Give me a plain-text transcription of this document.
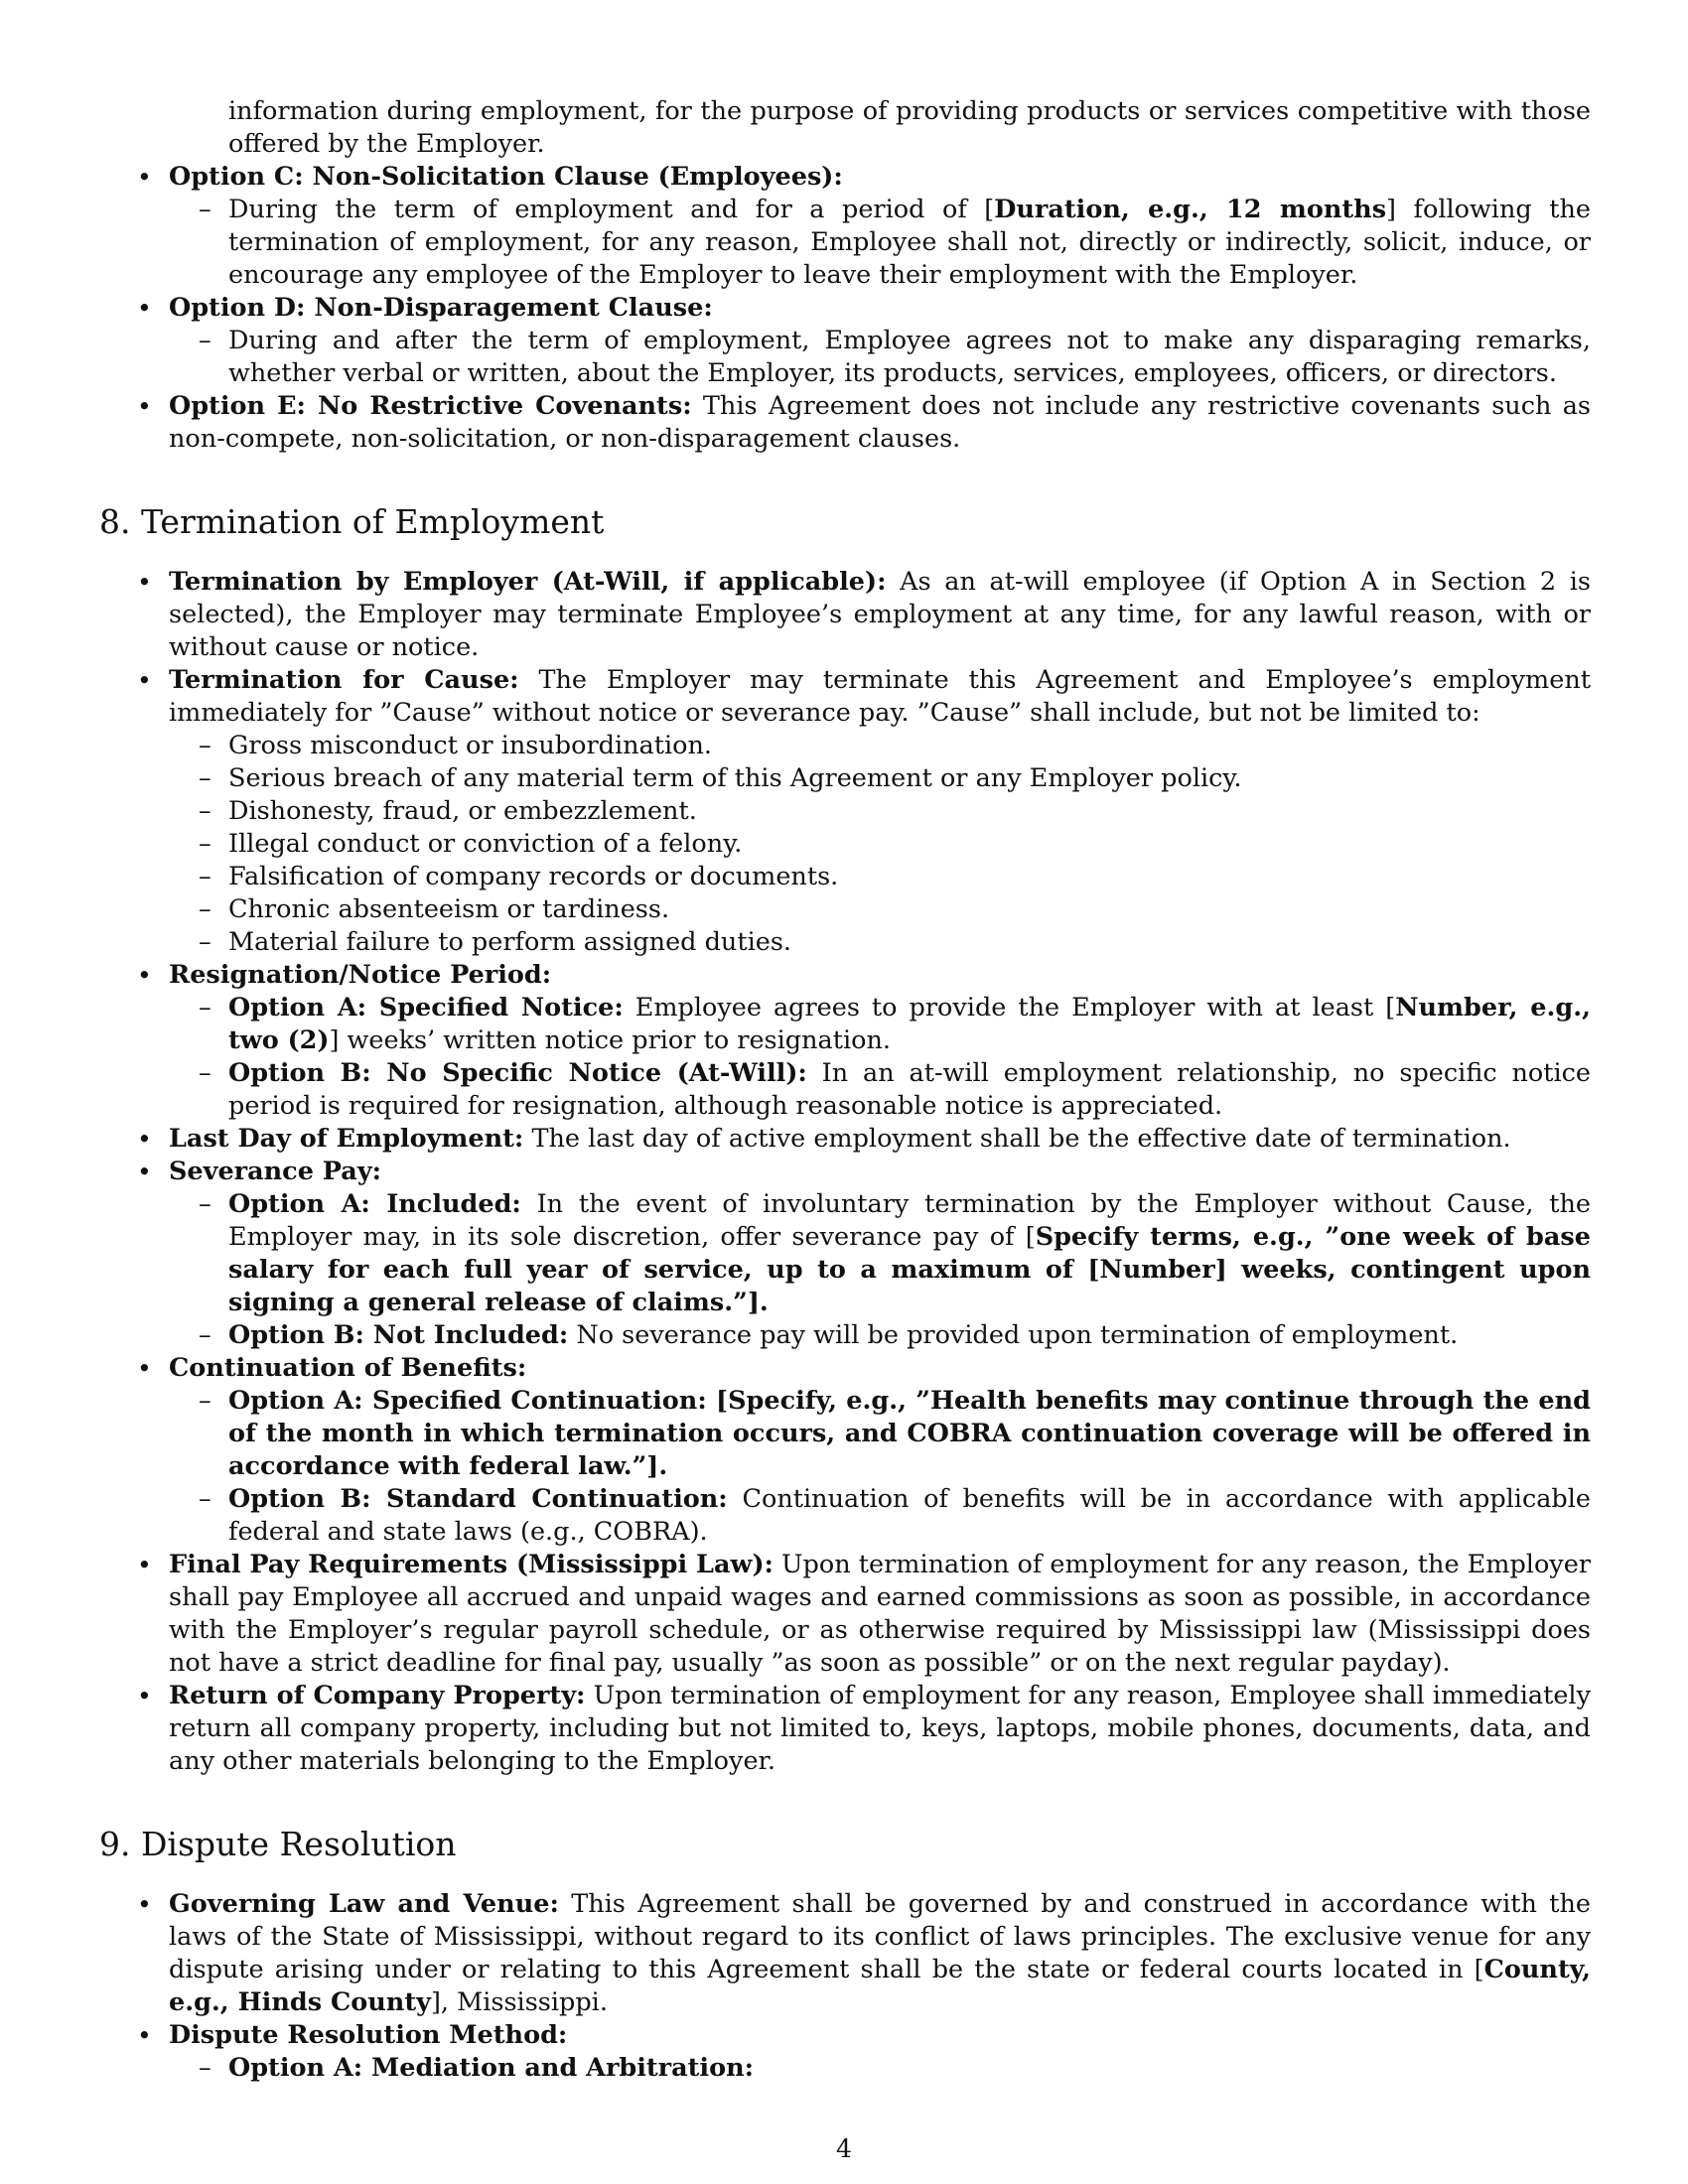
information during employment, for the purpose of providing products or services competitive with those offered by the Employer.
• Option C: Non-Solicitation Clause (Employees):
– During the term of employment and for a period of [Duration, e.g., 12 months] following the termination of employment, for any reason, Employee shall not, directly or indirectly, solicit, induce, or encourage any employee of the Employer to leave their employment with the Employer.
• Option D: Non-Disparagement Clause:
– During and after the term of employment, Employee agrees not to make any disparaging remarks, whether verbal or written, about the Employer, its products, services, employees, officers, or directors.
• Option E: No Restrictive Covenants: This Agreement does not include any restrictive covenants such as non-compete, non-solicitation, or non-disparagement clauses.
8. Termination of Employment
• Termination by Employer (At-Will, if applicable): As an at-will employee (if Option A in Section 2 is selected), the Employer may terminate Employee’s employment at any time, for any lawful reason, with or without cause or notice.
• Termination for Cause: The Employer may terminate this Agreement and Employee’s employment immediately for ”Cause” without notice or severance pay. ”Cause” shall include, but not be limited to:
– Gross misconduct or insubordination.
– Serious breach of any material term of this Agreement or any Employer policy.
– Dishonesty, fraud, or embezzlement.
– Illegal conduct or conviction of a felony.
– Falsification of company records or documents.
– Chronic absenteeism or tardiness.
– Material failure to perform assigned duties.
• Resignation/Notice Period:
– Option A: Specified Notice: Employee agrees to provide the Employer with at least [Number, e.g., two (2)] weeks’ written notice prior to resignation.
– Option B: No Specific Notice (At-Will): In an at-will employment relationship, no specific notice period is required for resignation, although reasonable notice is appreciated.
• Last Day of Employment: The last day of active employment shall be the effective date of termination.
• Severance Pay:
– Option A: Included: In the event of involuntary termination by the Employer without Cause, the Employer may, in its sole discretion, offer severance pay of [Specify terms, e.g., ”one week of base salary for each full year of service, up to a maximum of [Number] weeks, contingent upon signing a general release of claims.”].
– Option B: Not Included: No severance pay will be provided upon termination of employment.
• Continuation of Benefits:
– Option A: Specified Continuation: [Specify, e.g., ”Health benefits may continue through the end of the month in which termination occurs, and COBRA continuation coverage will be offered in accordance with federal law.”].
– Option B: Standard Continuation: Continuation of benefits will be in accordance with applicable federal and state laws (e.g., COBRA).
• Final Pay Requirements (Mississippi Law): Upon termination of employment for any reason, the Employer shall pay Employee all accrued and unpaid wages and earned commissions as soon as possible, in accordance with the Employer’s regular payroll schedule, or as otherwise required by Mississippi law (Mississippi does not have a strict deadline for final pay, usually ”as soon as possible” or on the next regular payday).
• Return of Company Property: Upon termination of employment for any reason, Employee shall immediately return all company property, including but not limited to, keys, laptops, mobile phones, documents, data, and any other materials belonging to the Employer.
9. Dispute Resolution
• Governing Law and Venue: This Agreement shall be governed by and construed in accordance with the laws of the State of Mississippi, without regard to its conflict of laws principles. The exclusive venue for any dispute arising under or relating to this Agreement shall be the state or federal courts located in [County, e.g., Hinds County], Mississippi.
• Dispute Resolution Method:
– Option A: Mediation and Arbitration:
4
